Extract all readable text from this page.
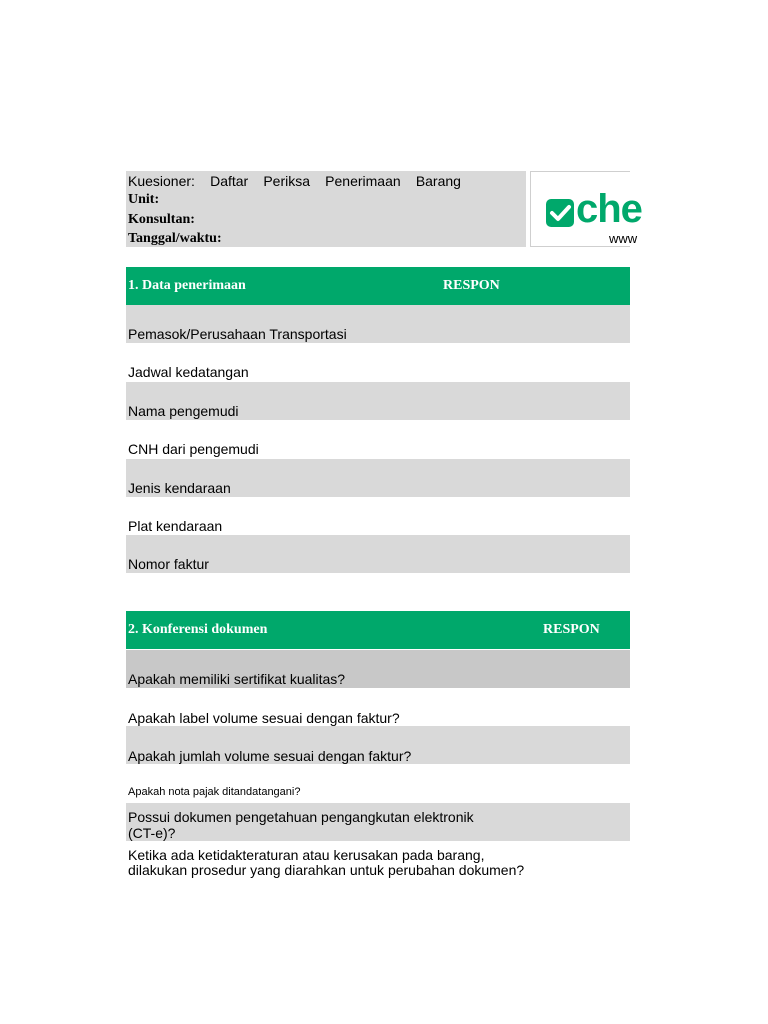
Kuesioner: Daftar Periksa Penerimaan Barang
Unit:
Konsultan:
Tanggal/waktu:
che
www
1. Data penerimaan	RESPON
Pemasok/Perusahaan Transportasi
Jadwal kedatangan
Nama pengemudi
CNH dari pengemudi
Jenis kendaraan
Plat kendaraan
Nomor faktur
2. Konferensi dokumen	RESPON
Apakah memiliki sertifikat kualitas?
Apakah label volume sesuai dengan faktur?
Apakah jumlah volume sesuai dengan faktur?
Apakah nota pajak ditandatangani?
Possui dokumen pengetahuan pengangkutan elektronik (CT-e)?
Ketika ada ketidakteraturan atau kerusakan pada barang, dilakukan prosedur yang diarahkan untuk perubahan dokumen?
